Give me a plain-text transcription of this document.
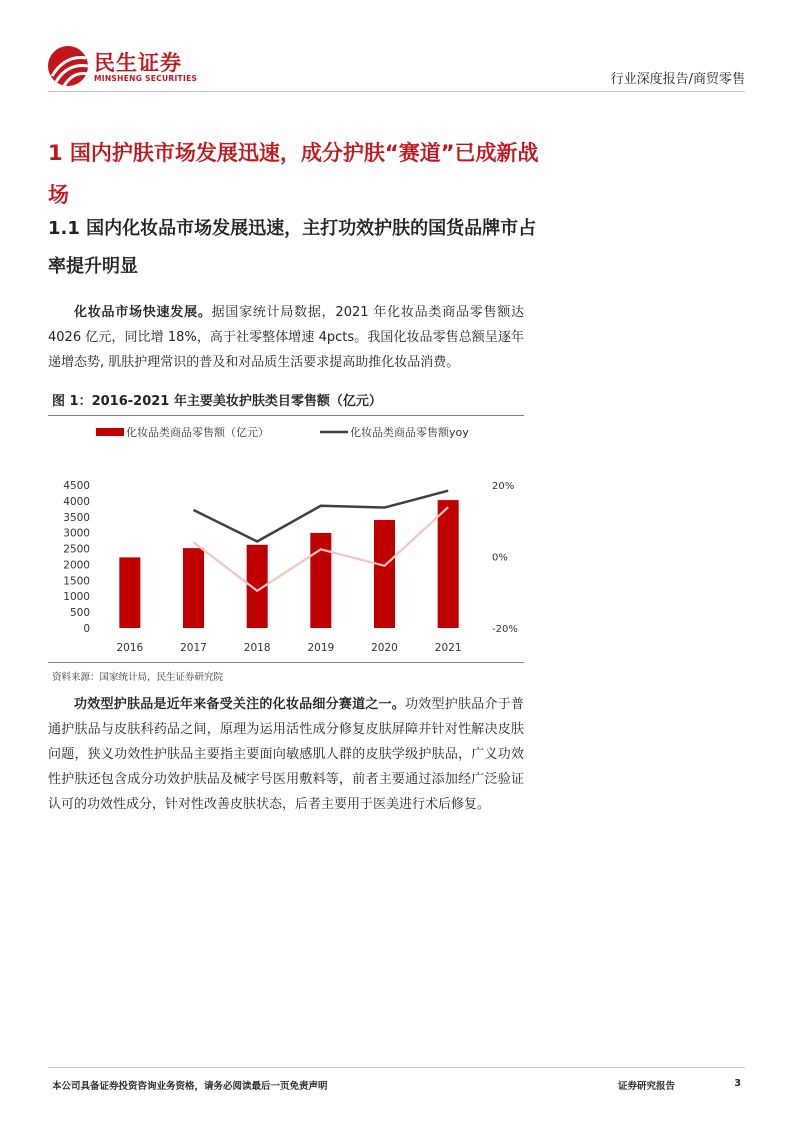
民生证券
MINSHENG SECURITIES	行业深度报告/商贸零售
1 国内护肤市场发展迅速，成分护肤“赛道”已成新战场
1.1 国内化妆品市场发展迅速，主打功效护肤的国货品牌市占率提升明显
化妆品市场快速发展。据国家统计局数据，2021 年化妆品类商品零售额达 4026 亿元，同比增 18%，高于社零整体增速 4pcts。我国化妆品零售总额呈逐年递增态势, 肌肤护理常识的普及和对品质生活要求提高助推化妆品消费。
图 1：2016-2021 年主要美妆护肤类目零售额（亿元）
化妆品类商品零售额（亿元）	化妆品类商品零售额yoy
0
500
1000
1500
2000
2500
3000
3500
4000
4500
-20%
0%
20%
2016	2017	2018	2019	2020	2021
资料来源：国家统计局，民生证券研究院
功效型护肤品是近年来备受关注的化妆品细分赛道之一。功效型护肤品介于普通护肤品与皮肤科药品之间，原理为运用活性成分修复皮肤屏障并针对性解决皮肤问题，狭义功效性护肤品主要指主要面向敏感肌人群的皮肤学级护肤品，广义功效性护肤还包含成分功效护肤品及械字号医用敷料等，前者主要通过添加经广泛验证认可的功效性成分，针对性改善皮肤状态，后者主要用于医美进行术后修复。
本公司具备证券投资咨询业务资格，请务必阅读最后一页免责声明	证券研究报告	3
